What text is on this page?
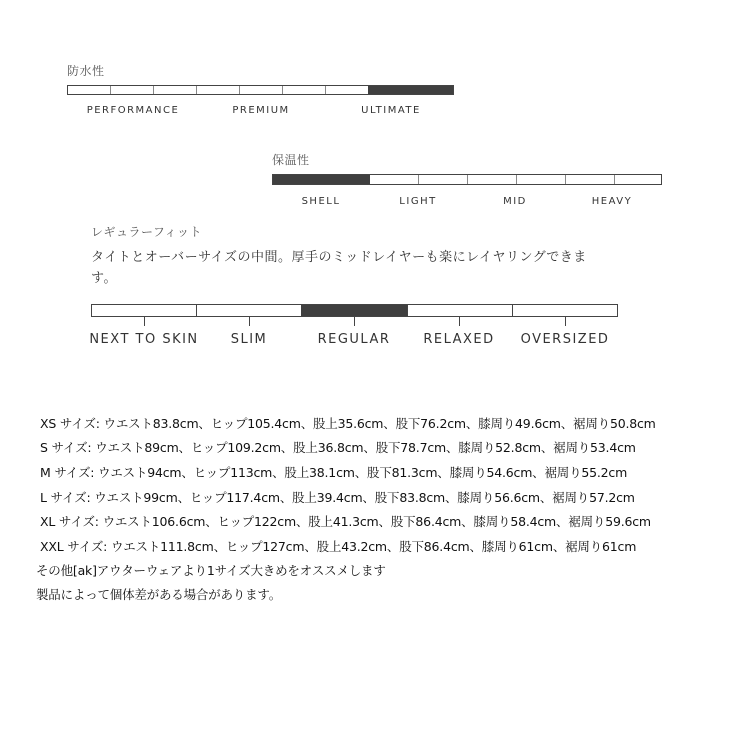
防水性
PERFORMANCE	PREMIUM	ULTIMATE
保温性
SHELL	LIGHT	MID	HEAVY
レギュラーフィット
タイトとオーバーサイズの中間。厚手のミッドレイヤーも楽にレイヤリングできま
す。
NEXT TO SKIN SLIM	REGULAR	RELAXED OVERSIZED
XS サイズ: ウエスト83.8cm、ヒップ105.4cm、股上35.6cm、股下76.2cm、膝周り49.6cm、裾周り50.8cm
S サイズ: ウエスト89cm、ヒップ109.2cm、股上36.8cm、股下78.7cm、膝周り52.8cm、裾周り53.4cm
M サイズ: ウエスト94cm、ヒップ113cm、股上38.1cm、股下81.3cm、膝周り54.6cm、裾周り55.2cm
L サイズ: ウエスト99cm、ヒップ117.4cm、股上39.4cm、股下83.8cm、膝周り56.6cm、裾周り57.2cm
XL サイズ: ウエスト106.6cm、ヒップ122cm、股上41.3cm、股下86.4cm、膝周り58.4cm、裾周り59.6cm
XXL サイズ: ウエスト111.8cm、ヒップ127cm、股上43.2cm、股下86.4cm、膝周り61cm、裾周り61cm
その他[ak]アウターウェアより1サイズ大きめをオススメします
製品によって個体差がある場合があります。
